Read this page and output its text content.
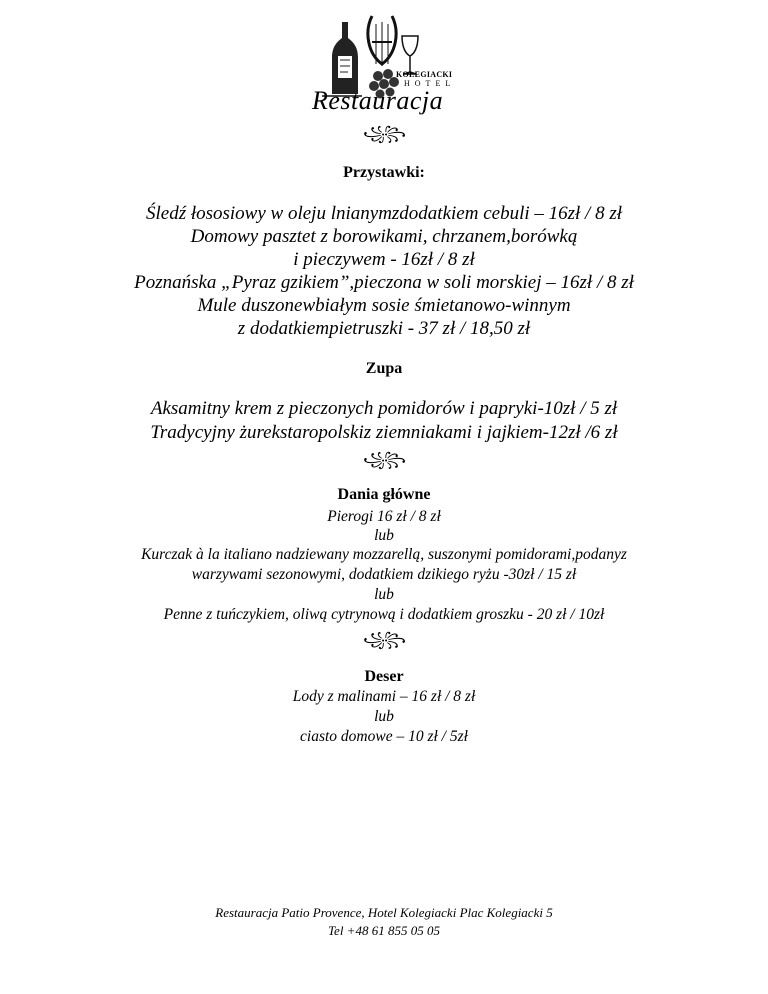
KOLEGIACKI
HOTEL
Restauracja
꧁꧂
Przystawki:
Śledź łososiowy w oleju lnianymzdodatkiem cebuli – 16zł / 8 zł
Domowy pasztet z borowikami, chrzanem,borówką
i pieczywem - 16zł / 8 zł
Poznańska „Pyraz gzikiem”,pieczona w soli morskiej – 16zł / 8 zł
Mule duszonewbiałym sosie śmietanowo-winnym
z dodatkiempietruszki - 37 zł / 18,50 zł
Zupa
Aksamitny krem z pieczonych pomidorów i papryki-10zł / 5 zł
Tradycyjny żurekstaropolskiz ziemniakami i jajkiem-12zł /6 zł
꧁꧂
Dania główne
Pierogi 16 zł / 8 zł
lub
Kurczak à la italiano nadziewany mozzarellą, suszonymi pomidorami,podanyz
warzywami sezonowymi, dodatkiem dzikiego ryżu -30zł / 15 zł
lub
Penne z tuńczykiem, oliwą cytrynową i dodatkiem groszku - 20 zł / 10zł
꧁꧂
Deser
Lody z malinami – 16 zł / 8 zł
lub
ciasto domowe – 10 zł / 5zł
Restauracja Patio Provence, Hotel Kolegiacki Plac Kolegiacki 5
Tel +48 61 855 05 05
